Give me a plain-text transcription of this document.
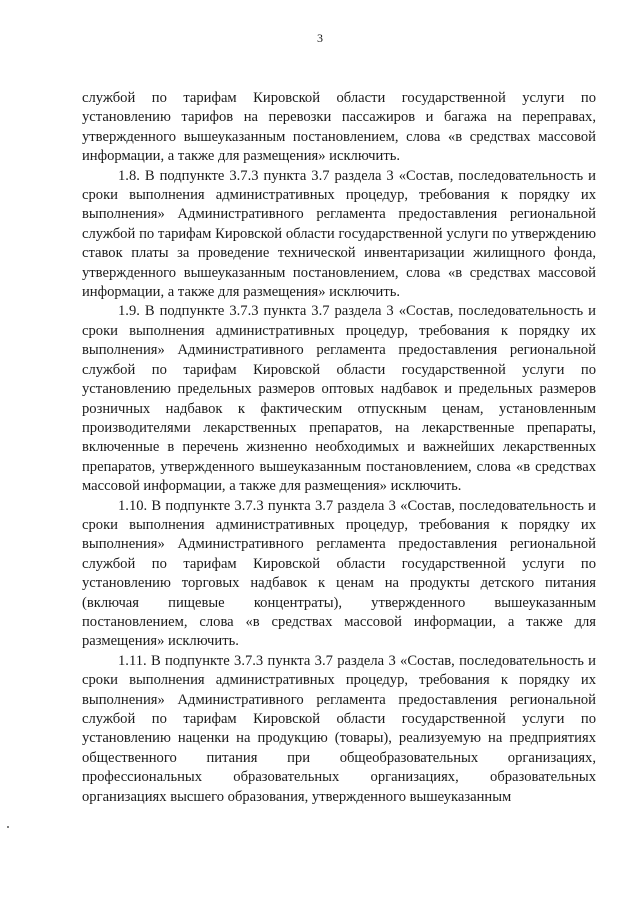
3

службой по тарифам Кировской области государственной услуги по установлению тарифов на перевозки пассажиров и багажа на переправах, утвержденного вышеуказанным постановлением, слова «в средствах массовой информации, а также для размещения» исключить.

1.8. В подпункте 3.7.3 пункта 3.7 раздела 3 «Состав, последовательность и сроки выполнения административных процедур, требования к порядку их выполнения» Административного регламента предоставления региональной службой по тарифам Кировской области государственной услуги по утверждению ставок платы за проведение технической инвентаризации жилищного фонда, утвержденного вышеуказанным постановлением, слова «в средствах массовой информации, а также для размещения» исключить.

1.9. В подпункте 3.7.3 пункта 3.7 раздела 3 «Состав, последовательность и сроки выполнения административных процедур, требования к порядку их выполнения» Административного регламента предоставления региональной службой по тарифам Кировской области государственной услуги по установлению предельных размеров оптовых надбавок и предельных размеров розничных надбавок к фактическим отпускным ценам, установленным производителями лекарственных препаратов, на лекарственные препараты, включенные в перечень жизненно необходимых и важнейших лекарственных препаратов, утвержденного вышеуказанным постановлением, слова «в средствах массовой информации, а также для размещения» исключить.

1.10. В подпункте 3.7.3 пункта 3.7 раздела 3 «Состав, последовательность и сроки выполнения административных процедур, требования к порядку их выполнения» Административного регламента предоставления региональной службой по тарифам Кировской области государственной услуги по установлению торговых надбавок к ценам на продукты детского питания (включая пищевые концентраты), утвержденного вышеуказанным постановлением, слова «в средствах массовой информации, а также для размещения» исключить.

1.11. В подпункте 3.7.3 пункта 3.7 раздела 3 «Состав, последовательность и сроки выполнения административных процедур, требования к порядку их выполнения» Административного регламента предоставления региональной службой по тарифам Кировской области государственной услуги по установлению наценки на продукцию (товары), реализуемую на предприятиях общественного питания при общеобразовательных организациях, профессиональных образовательных организациях, образовательных организациях высшего образования, утвержденного вышеуказанным
